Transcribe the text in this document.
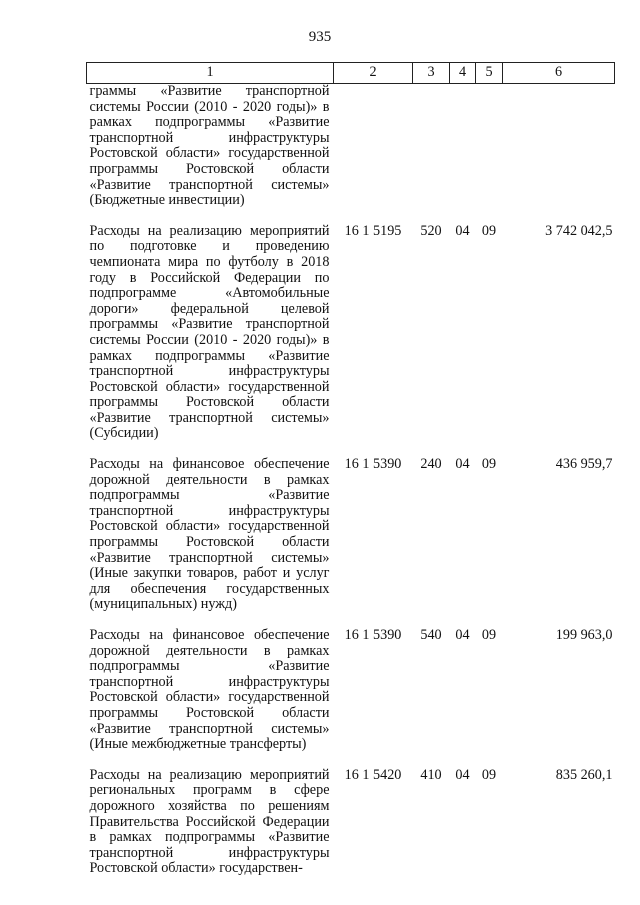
935
1	2	3	4	5	6
граммы «Развитие транспортной системы России (2010 - 2020 годы)» в рамках подпрограммы «Развитие транспортной инфраструктуры Ростовской области» государственной программы Ростовской области «Развитие транспортной системы» (Бюджетные инвестиции)					
Расходы на реализацию мероприятий по подготовке и проведению чемпионата мира по футболу в 2018 году в Российской Федерации по подпрограмме «Автомобильные дороги» федеральной целевой программы «Развитие транспортной системы России (2010 - 2020 годы)» в рамках подпрограммы «Развитие транспортной инфраструктуры Ростовской области» государственной программы Ростовской области «Развитие транспортной системы» (Субсидии)	16 1 5195	520	04	09	3 742 042,5
Расходы на финансовое обеспечение дорожной деятельности в рамках подпрограммы «Развитие транспортной инфраструктуры Ростовской области» государственной программы Ростовской области «Развитие транспортной системы» (Иные закупки товаров, работ и услуг для обеспечения государственных (муниципальных) нужд)	16 1 5390	240	04	09	436 959,7
Расходы на финансовое обеспечение дорожной деятельности в рамках подпрограммы «Развитие транспортной инфраструктуры Ростовской области» государственной программы Ростовской области «Развитие транспортной системы» (Иные межбюджетные трансферты)	16 1 5390	540	04	09	199 963,0
Расходы на реализацию мероприятий региональных программ в сфере дорожного хозяйства по решениям Правительства Российской Федерации в рамках подпрограммы «Развитие транспортной инфраструктуры Ростовской области» государствен-	16 1 5420	410	04	09	835 260,1
